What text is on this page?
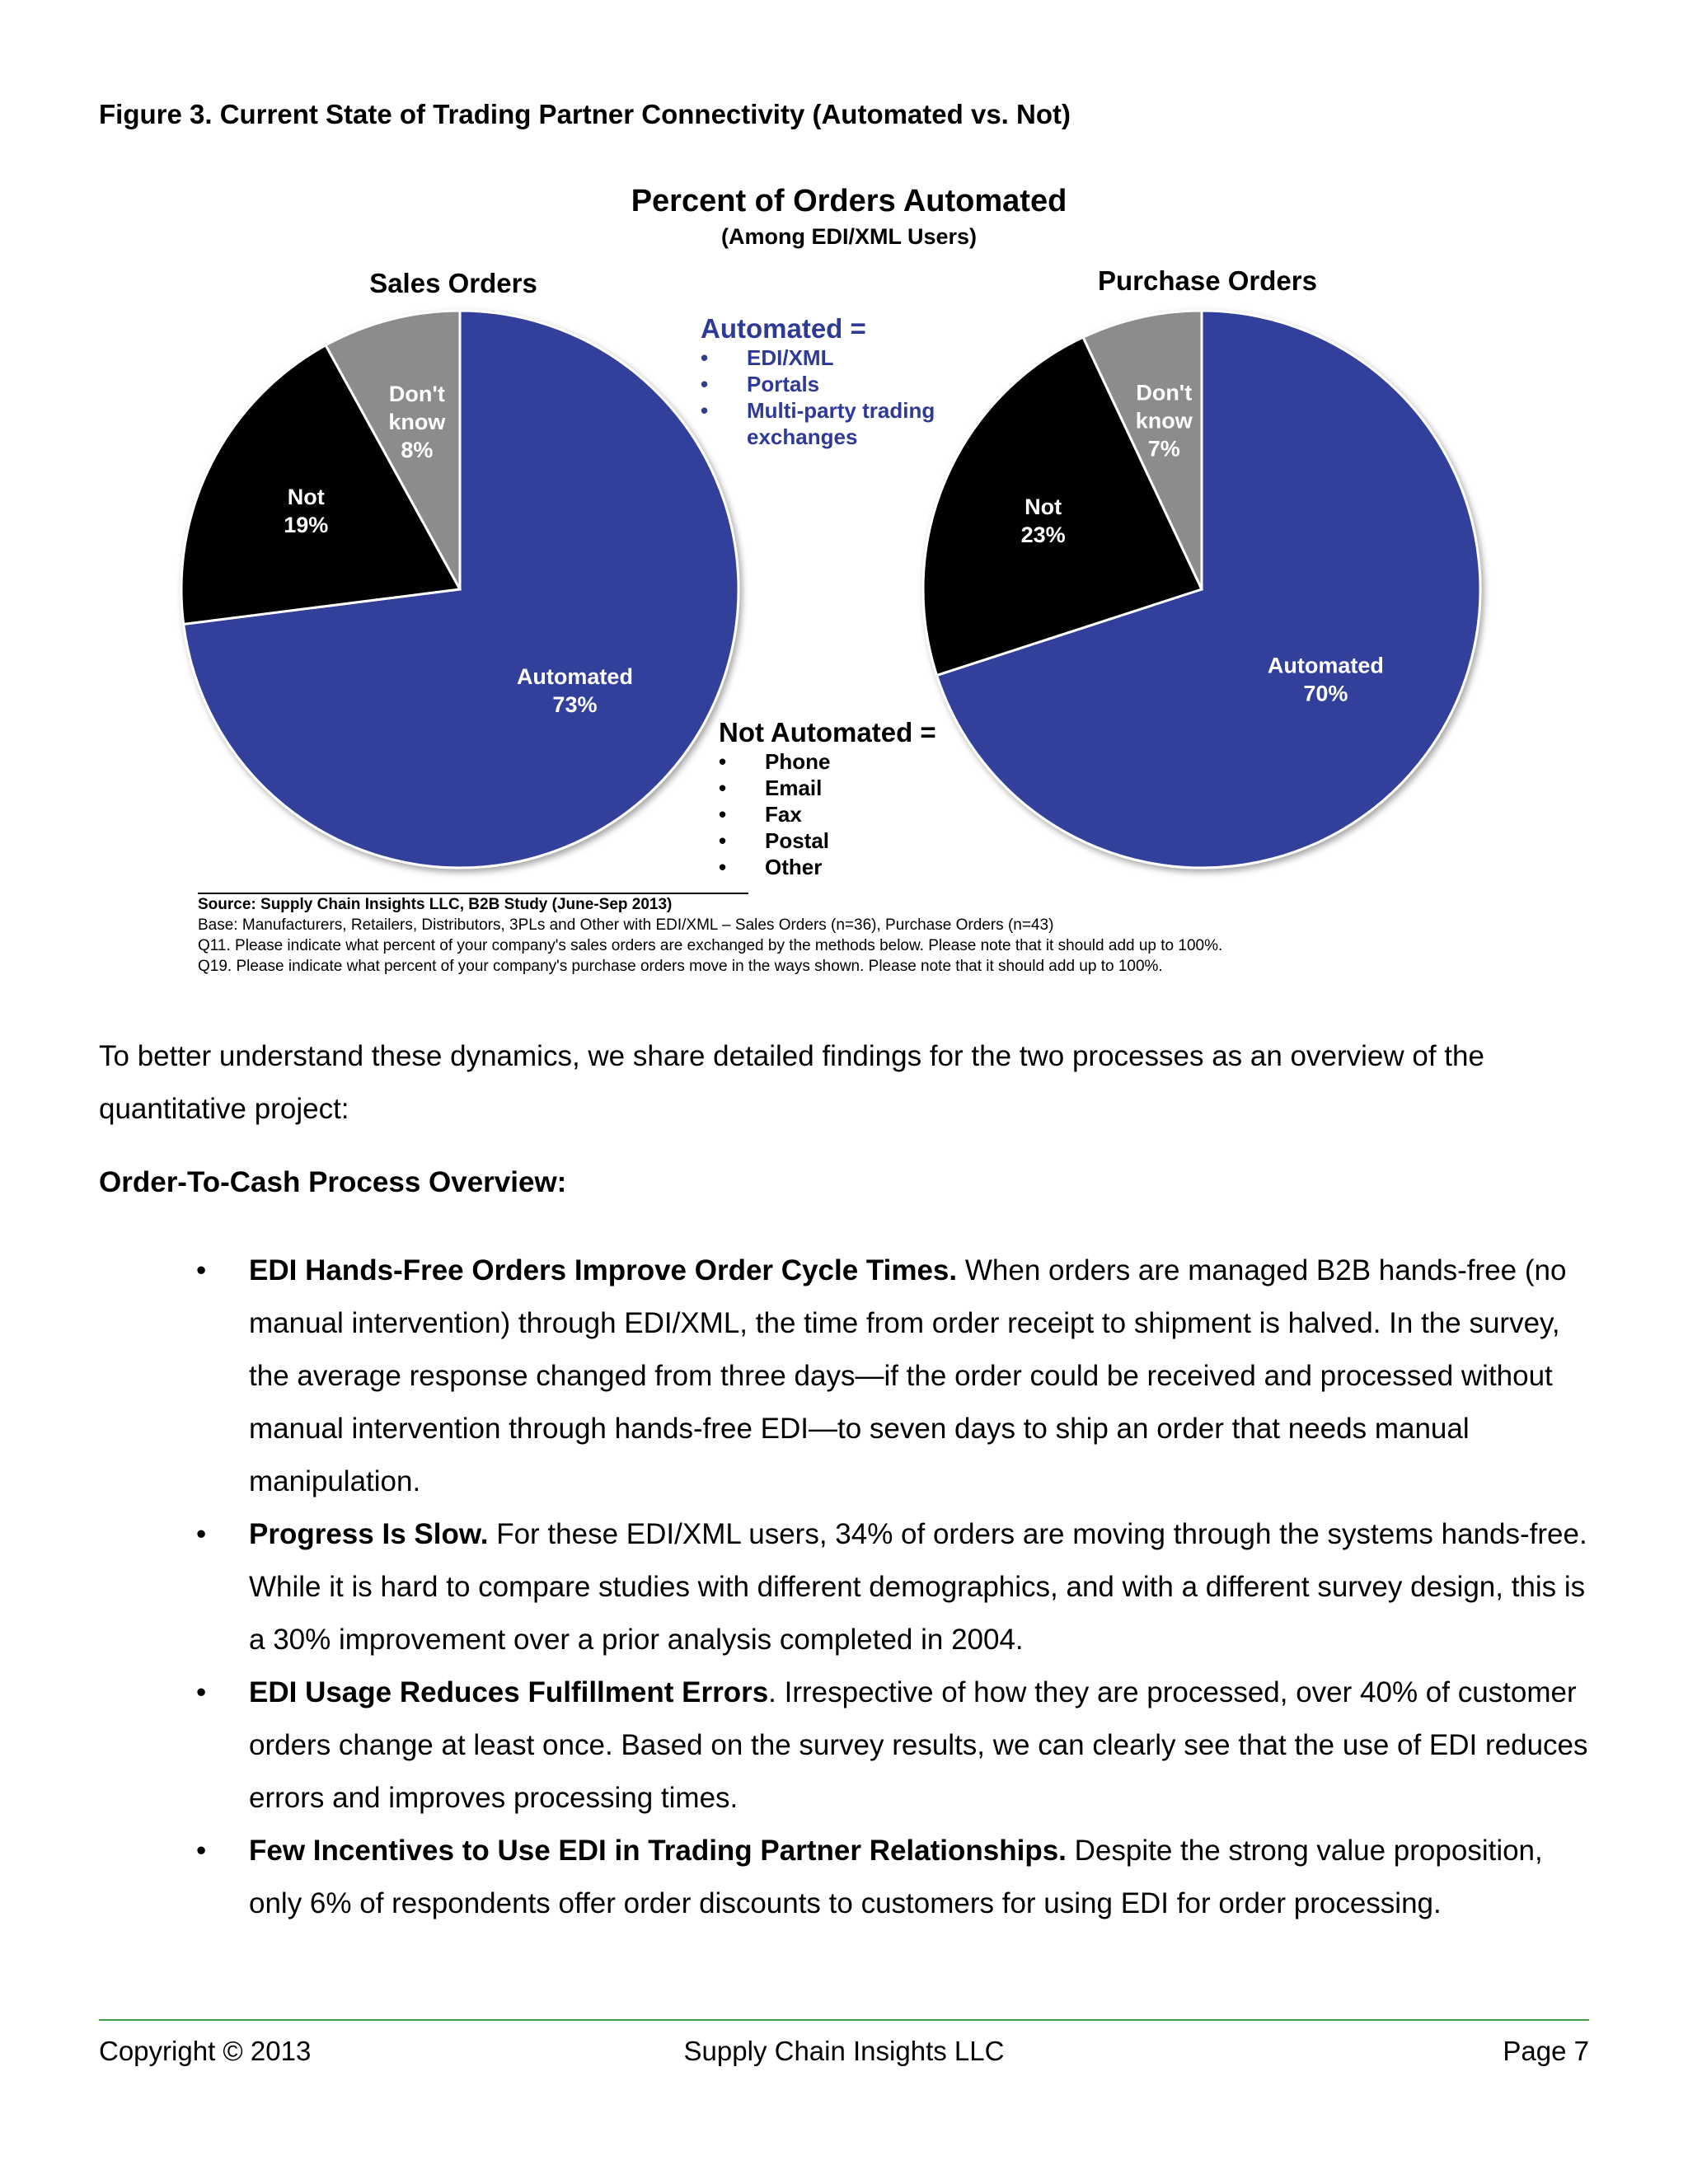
Figure 3. Current State of Trading Partner Connectivity (Automated vs. Not)
Percent of Orders Automated
(Among EDI/XML Users)
Sales Orders	Purchase Orders
Automated 73%
Not 19%
Don't know 8%
Automated 70%
Not 23%
Don't know 7%
Automated =
• EDI/XML
• Portals
• Multi-party trading
exchanges
Not Automated =
• Phone
• Email
• Fax
• Postal
• Other
Source: Supply Chain Insights LLC, B2B Study (June-Sep 2013)
Base: Manufacturers, Retailers, Distributors, 3PLs and Other with EDI/XML – Sales Orders (n=36), Purchase Orders (n=43)
Q11. Please indicate what percent of your company's sales orders are exchanged by the methods below. Please note that it should add up to 100%.
Q19. Please indicate what percent of your company's purchase orders move in the ways shown. Please note that it should add up to 100%.
To better understand these dynamics, we share detailed findings for the two processes as an overview of the quantitative project:
Order-To-Cash Process Overview:
• EDI Hands-Free Orders Improve Order Cycle Times. When orders are managed B2B hands-free (no manual intervention) through EDI/XML, the time from order receipt to shipment is halved. In the survey, the average response changed from three days—if the order could be received and processed without manual intervention through hands-free EDI—to seven days to ship an order that needs manual manipulation.
• Progress Is Slow. For these EDI/XML users, 34% of orders are moving through the systems hands-free. While it is hard to compare studies with different demographics, and with a different survey design, this is a 30% improvement over a prior analysis completed in 2004.
• EDI Usage Reduces Fulfillment Errors. Irrespective of how they are processed, over 40% of customer orders change at least once. Based on the survey results, we can clearly see that the use of EDI reduces errors and improves processing times.
• Few Incentives to Use EDI in Trading Partner Relationships. Despite the strong value proposition, only 6% of respondents offer order discounts to customers for using EDI for order processing.
Copyright © 2013	Supply Chain Insights LLC	Page 7
